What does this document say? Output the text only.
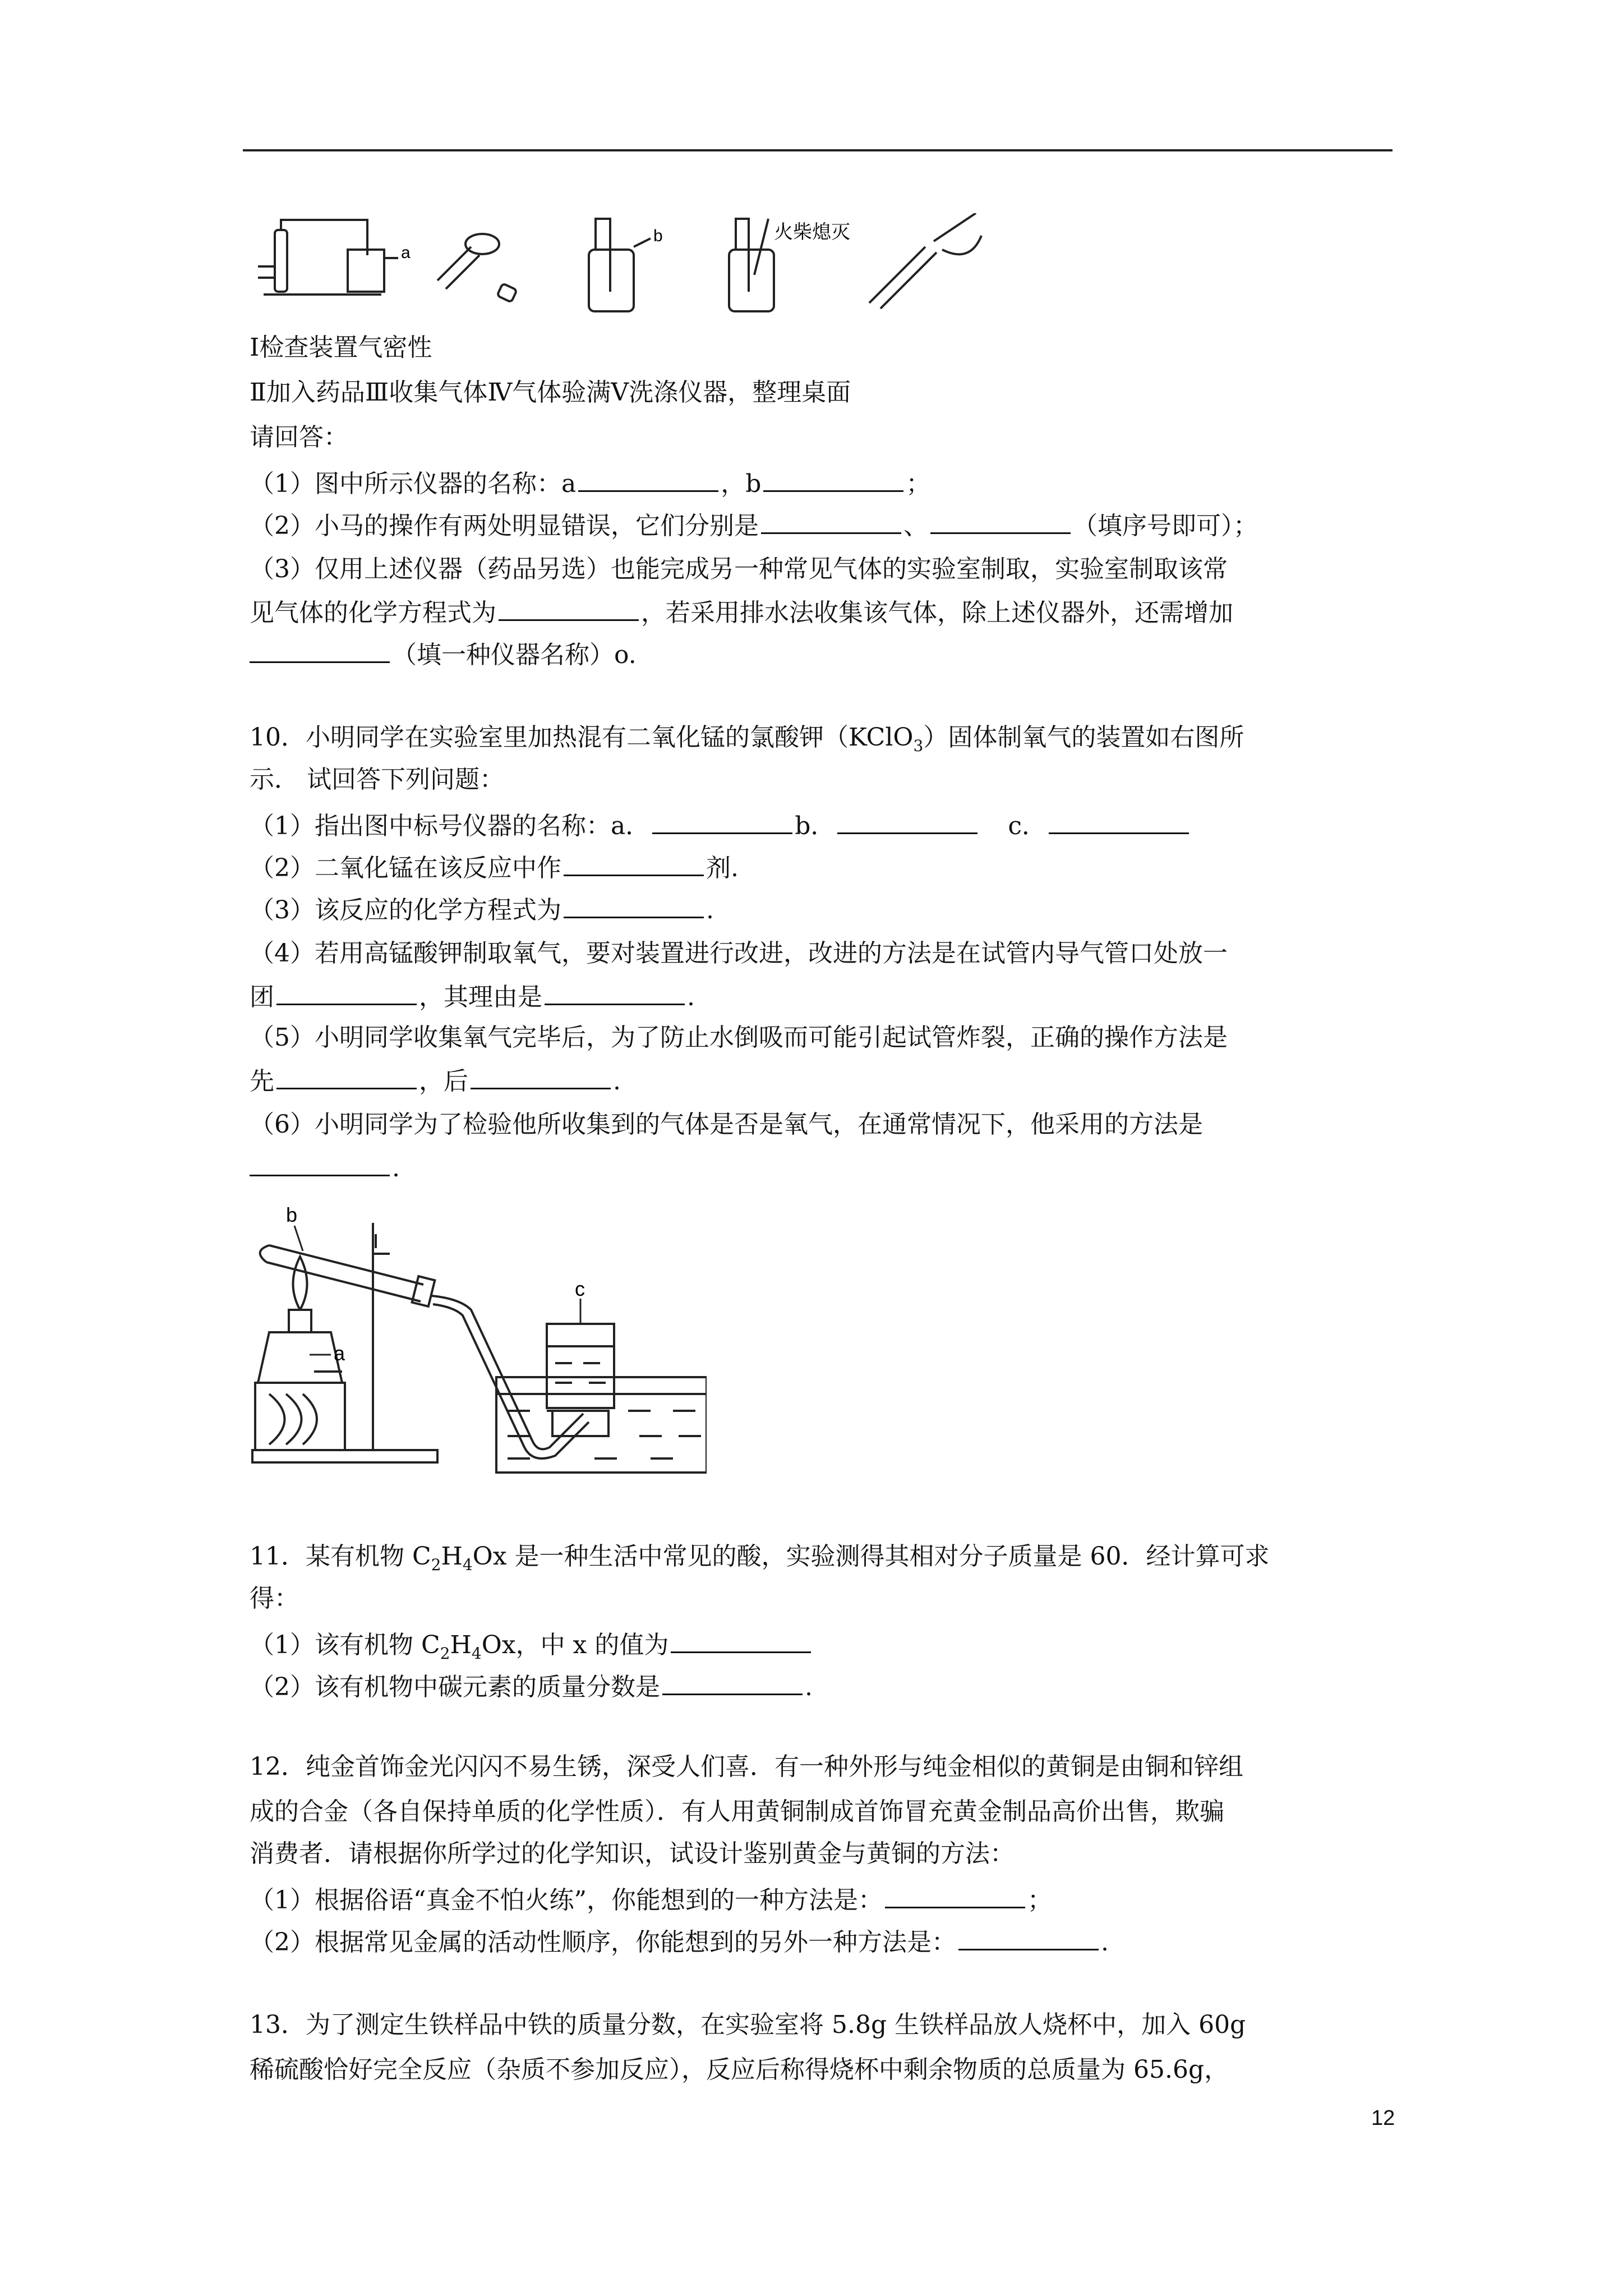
a
b	火柴熄灭
Ⅰ检查装置气密性
Ⅱ加入药品Ⅲ收集气体Ⅳ气体验满Ⅴ洗涤仪器，整理桌面
请回答：
（1）图中所示仪器的名称：a	，b	；
（2）小马的操作有两处明显错误，它们分别是	、	（填序号即可）；
（3）仅用上述仪器（药品另选）也能完成另一种常见气体的实验室制取，实验室制取该常
见气体的化学方程式为	，若采用排水法收集该气体，除上述仪器外，还需增加
（填一种仪器名称）o.
10．小明同学在实验室里加热混有二氧化锰的氯酸钾（KClO$_3$）固体制氧气的装置如右图所
示． 试回答下列问题：
（1）指出图中标号仪器的名称：a．	b．	c．
（2）二氧化锰在该反应中作	剂.
（3）该反应的化学方程式为	.
（4）若用高锰酸钾制取氧气，要对装置进行改进，改进的方法是在试管内导气管口处放一
团	，其理由是	.
（5）小明同学收集氧气完毕后，为了防止水倒吸而可能引起试管炸裂，正确的操作方法是
先	，后	.
（6）小明同学为了检验他所收集到的气体是否是氧气，在通常情况下，他采用的方法是
.
a
b
c
11．某有机物 $C_2H_4Ox$ 是一种生活中常见的酸，实验测得其相对分子质量是 60．经计算可求
得：
（1）该有机物 $C_2H_4Ox$，中 x 的值为
（2）该有机物中碳元素的质量分数是	.
12．纯金首饰金光闪闪不易生锈，深受人们喜．有一种外形与纯金相似的黄铜是由铜和锌组
成的合金（各自保持单质的化学性质）．有人用黄铜制成首饰冒充黄金制品高价出售，欺骗
消费者．请根据你所学过的化学知识，试设计鉴别黄金与黄铜的方法：
（1）根据俗语“真金不怕火练”，你能想到的一种方法是：	；
（2）根据常见金属的活动性顺序，你能想到的另外一种方法是：	.
13．为了测定生铁样品中铁的质量分数，在实验室将 5.8g 生铁样品放人烧杯中，加入 60g
稀硫酸恰好完全反应（杂质不参加反应），反应后称得烧杯中剩余物质的总质量为 65.6g，
12
